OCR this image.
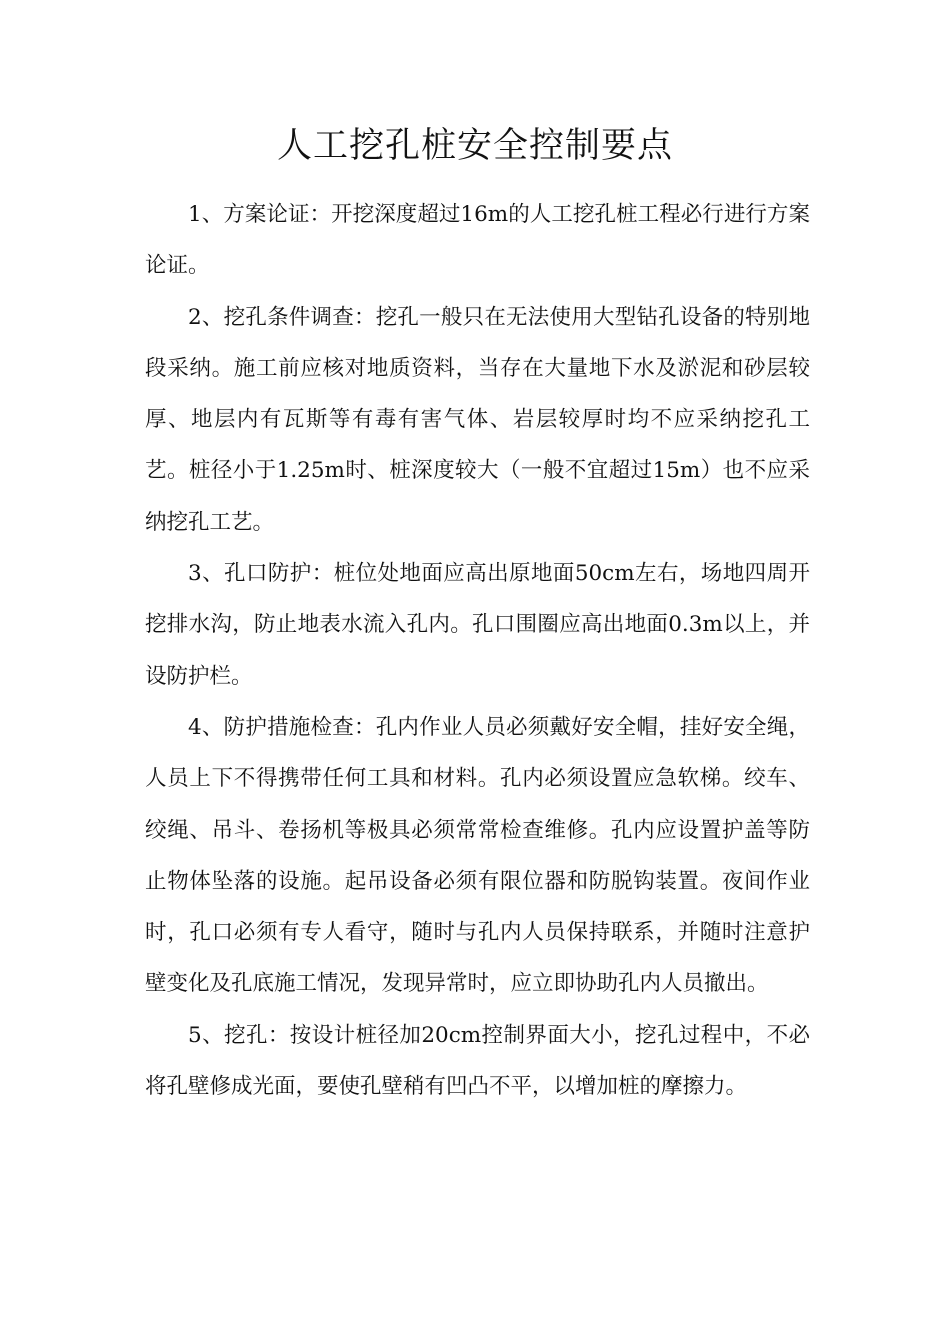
人工挖孔桩安全控制要点

1、方案论证：开挖深度超过16m的人工挖孔桩工程必行进行方案论证。

2、挖孔条件调查：挖孔一般只在无法使用大型钻孔设备的特别地段采纳。施工前应核对地质资料，当存在大量地下水及淤泥和砂层较厚、地层内有瓦斯等有毒有害气体、岩层较厚时均不应采纳挖孔工艺。桩径小于1.25m时、桩深度较大（一般不宜超过15m）也不应采纳挖孔工艺。

3、孔口防护：桩位处地面应高出原地面50cm左右，场地四周开挖排水沟，防止地表水流入孔内。孔口围圈应高出地面0.3m以上，并设防护栏。

4、防护措施检查：孔内作业人员必须戴好安全帽，挂好安全绳，人员上下不得携带任何工具和材料。孔内必须设置应急软梯。绞车、绞绳、吊斗、卷扬机等极具必须常常检查维修。孔内应设置护盖等防止物体坠落的设施。起吊设备必须有限位器和防脱钩装置。夜间作业时，孔口必须有专人看守，随时与孔内人员保持联系，并随时注意护壁变化及孔底施工情况，发现异常时，应立即协助孔内人员撤出。

5、挖孔：按设计桩径加20cm控制界面大小，挖孔过程中，不必将孔壁修成光面，要使孔壁稍有凹凸不平，以增加桩的摩擦力。
